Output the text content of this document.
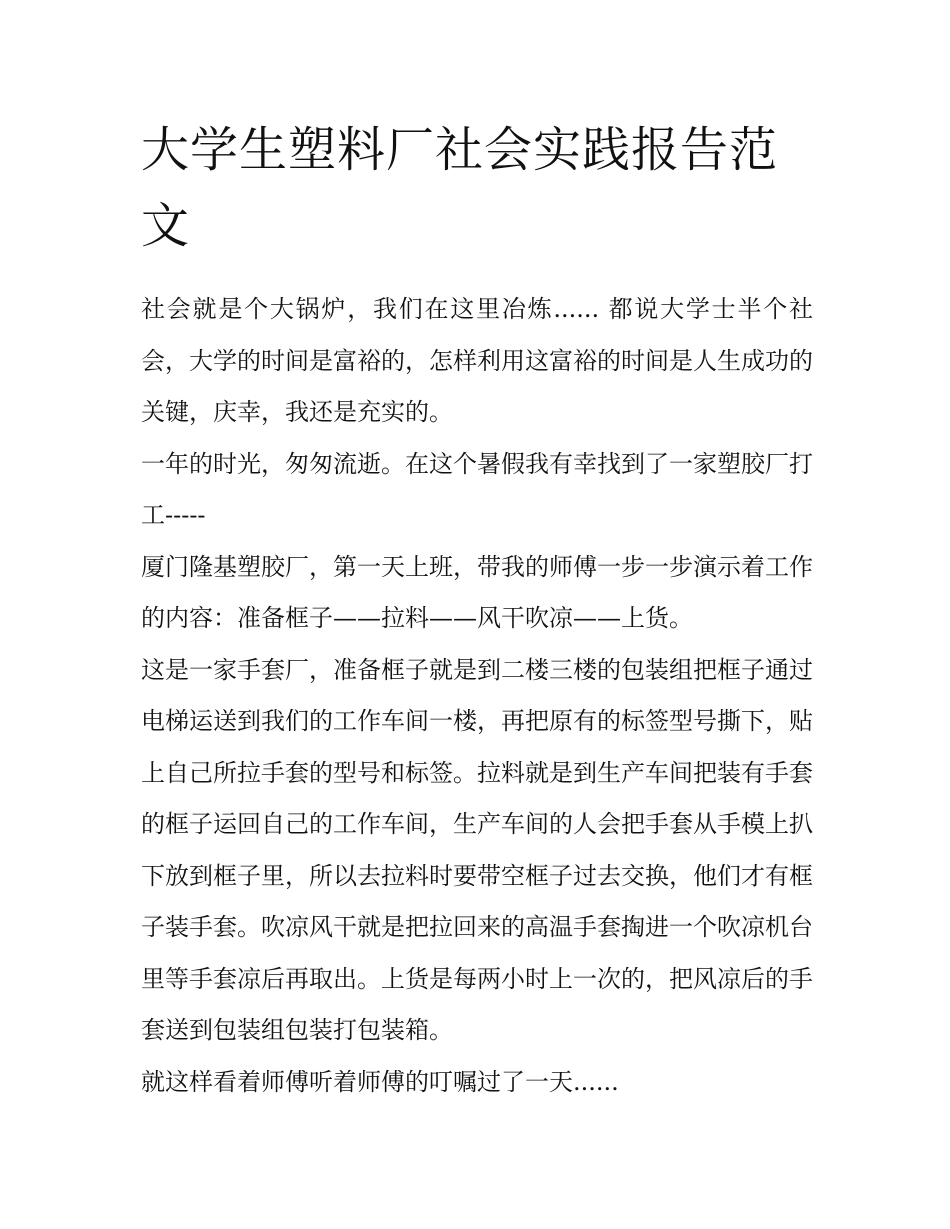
大学生塑料厂社会实践报告范文

社会就是个大锅炉，我们在这里冶炼...... 都说大学士半个社会，大学的时间是富裕的，怎样利用这富裕的时间是人生成功的关键，庆幸，我还是充实的。

一年的时光，匆匆流逝。在这个暑假我有幸找到了一家塑胶厂打工-----

厦门隆基塑胶厂，第一天上班，带我的师傅一步一步演示着工作的内容：准备框子——拉料——风干吹凉——上货。

这是一家手套厂，准备框子就是到二楼三楼的包装组把框子通过电梯运送到我们的工作车间一楼，再把原有的标签型号撕下，贴上自己所拉手套的型号和标签。拉料就是到生产车间把装有手套的框子运回自己的工作车间，生产车间的人会把手套从手模上扒下放到框子里，所以去拉料时要带空框子过去交换，他们才有框子装手套。吹凉风干就是把拉回来的高温手套掏进一个吹凉机台里等手套凉后再取出。上货是每两小时上一次的，把风凉后的手套送到包装组包装打包装箱。

就这样看着师傅听着师傅的叮嘱过了一天......
